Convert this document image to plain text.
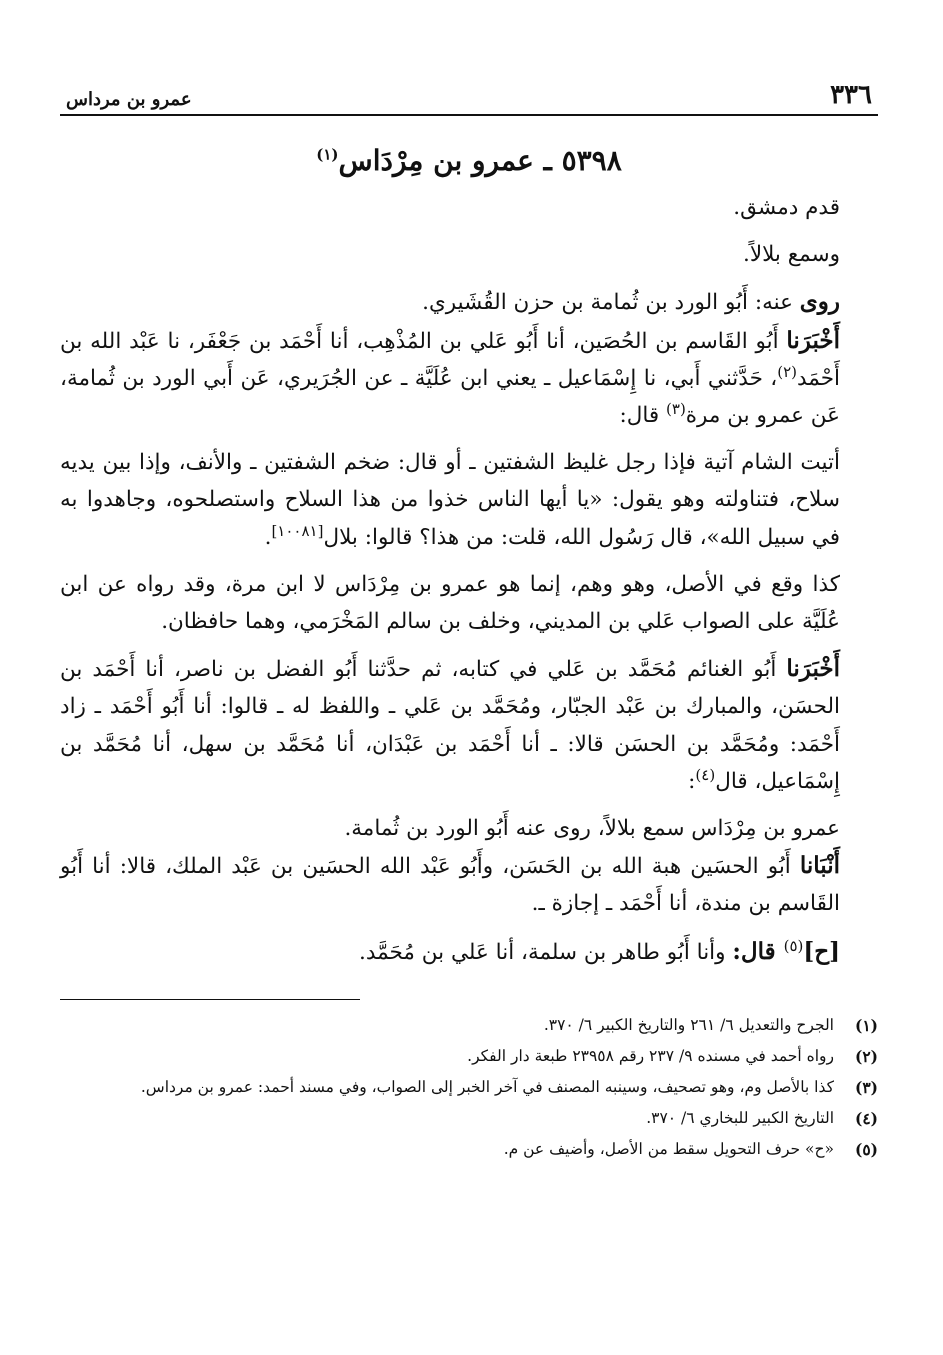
٣٣٦
عمرو بن مرداس
٥٣٩٨ ـ عمرو بن مِرْدَاس$^{(١)}$

قدم دمشق.

وسمع بلالاً.

روى عنه: أَبُو الورد بن ثُمامة بن حزن القُشَيري.

أَخْبَرَنا أَبُو القَاسم بن الحُصَين، أنا أَبُو عَلي بن المُذْهِب، أنا أَحْمَد بن جَعْفَر، نا عَبْد الله بن أَحْمَد$^{(٢)}$، حَدَّثني أَبي، نا إِسْمَاعيل ـ يعني ابن عُلَيَّة ـ عن الجُرَيري، عَن أَبي الورد بن ثُمامة، عَن عمرو بن مرة$^{(٣)}$ قال:

أتيت الشام آتية فإذا رجل غليظ الشفتين ـ أو قال: ضخم الشفتين ـ والأنف، وإذا بين يديه سلاح، فتناولته وهو يقول: «يا أيها الناس خذوا من هذا السلاح واستصلحوه، وجاهدوا به في سبيل الله»، قال رَسُول الله، قلت: من هذا؟ قالوا: بلال[١٠٠٨١].

كذا وقع في الأصل، وهو وهم، إنما هو عمرو بن مِرْدَاس لا ابن مرة، وقد رواه عن ابن عُلَيَّة على الصواب عَلي بن المديني، وخلف بن سالم المَخْرَمي، وهما حافظان.

أَخْبَرَنا أَبُو الغنائم مُحَمَّد بن عَلي في كتابه، ثم حدَّثنا أَبُو الفضل بن ناصر، أنا أَحْمَد بن الحسَن، والمبارك بن عَبْد الجبّار، ومُحَمَّد بن عَلي ـ واللفظ له ـ قالوا: أنا أَبُو أَحْمَد ـ زاد أَحْمَد: ومُحَمَّد بن الحسَن قالا: ـ أنا أَحْمَد بن عَبْدَان، أنا مُحَمَّد بن سهل، أنا مُحَمَّد بن إِسْمَاعيل، قال$^{(٤)}$:

عمرو بن مِرْدَاس سمع بلالاً، روى عنه أَبُو الورد بن ثُمامة.

أَنْبَانا أَبُو الحسَين هبة الله بن الحَسَن، وأَبُو عَبْد الله الحسَين بن عَبْد الملك، قالا: أنا أَبُو القَاسم بن مندة، أنا أَحْمَد ـ إجازة ـ.

[ح]$^{(٥)}$ قال: وأنا أَبُو طاهر بن سلمة، أنا عَلي بن مُحَمَّد.

(١)
الجرح والتعديل ٦/ ٢٦١ والتاريخ الكبير ٦/ ٣٧٠.
(٢)
رواه أحمد في مسنده ٩/ ٢٣٧ رقم ٢٣٩٥٨ طبعة دار الفكر.
(٣)
كذا بالأصل وم، وهو تصحيف، وسينبه المصنف في آخر الخبر إلى الصواب، وفي مسند أحمد: عمرو بن مرداس.
(٤)
التاريخ الكبير للبخاري ٦/ ٣٧٠.
(٥)
«ح» حرف التحويل سقط من الأصل، وأضيف عن م.
